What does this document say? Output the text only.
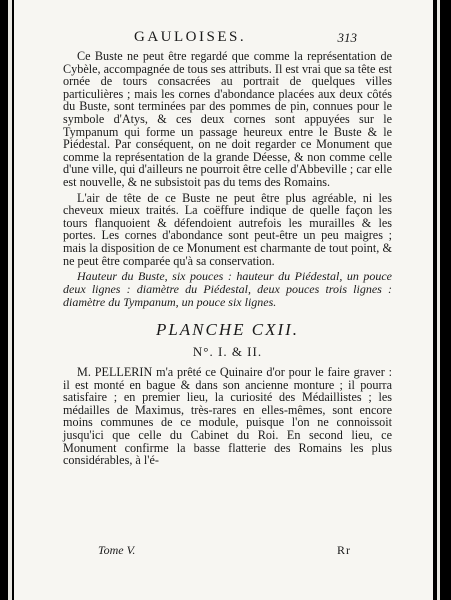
GAULOISES.	313

Ce Buste ne peut être regardé que comme la représentation de Cybèle, accompagnée de tous ses attributs. Il est vrai que sa tête est ornée de tours consacrées au portrait de quelques villes particulières ; mais les cornes d'abondance placées aux deux côtés du Buste, sont terminées par des pommes de pin, connues pour le symbole d'Atys, & ces deux cornes sont appuyées sur le Tympanum qui forme un passage heureux entre le Buste & le Piédestal. Par conséquent, on ne doit regarder ce Monument que comme la représentation de la grande Déesse, & non comme celle d'une ville, qui d'ailleurs ne pourroit être celle d'Abbeville ; car elle est nouvelle, & ne subsistoit pas du tems des Romains.

L'air de tête de ce Buste ne peut être plus agréable, ni les cheveux mieux traités. La coëffure indique de quelle façon les tours flanquoient & défendoient autrefois les murailles & les portes. Les cornes d'abondance sont peut-être un peu maigres ; mais la disposition de ce Monument est charmante de tout point, & ne peut être comparée qu'à sa conservation.

Hauteur du Buste, six pouces : hauteur du Piédestal, un pouce deux lignes : diamètre du Piédestal, deux pouces trois lignes : diamètre du Tympanum, un pouce six lignes.

PLANCHE CXII.

N°. I. & II.

M. PELLERIN m'a prêté ce Quinaire d'or pour le faire graver : il est monté en bague & dans son ancienne monture ; il pourra satisfaire ; en premier lieu, la curiosité des Médaillistes ; les médailles de Maximus, très-rares en elles-mêmes, sont encore moins communes de ce module, puisque l'on ne connoissoit jusqu'ici que celle du Cabinet du Roi. En second lieu, ce Monument confirme la basse flatterie des Romains les plus considérables, à l'é-

Tome V.	Rr
